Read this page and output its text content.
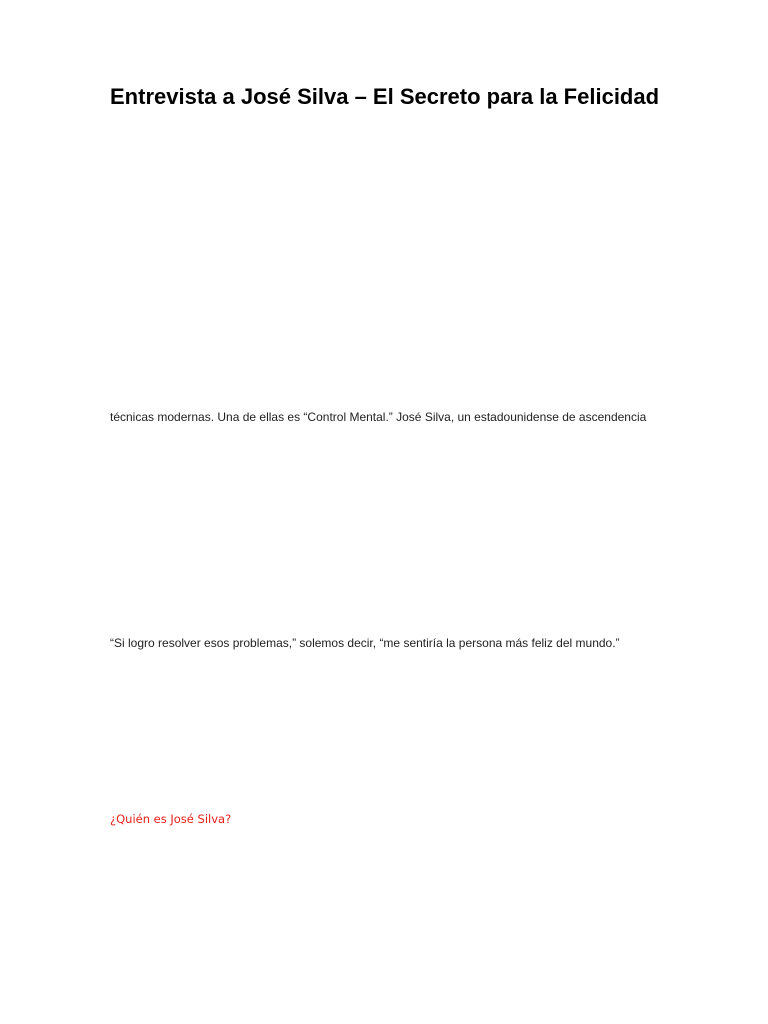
Entrevista a José Silva – El Secreto para la Felicidad

técnicas modernas. Una de ellas es “Control Mental.” José Silva, un estadounidense de ascendencia

“Si logro resolver esos problemas,” solemos decir, “me sentiría la persona más feliz del mundo.”

¿Quién es José Silva?
